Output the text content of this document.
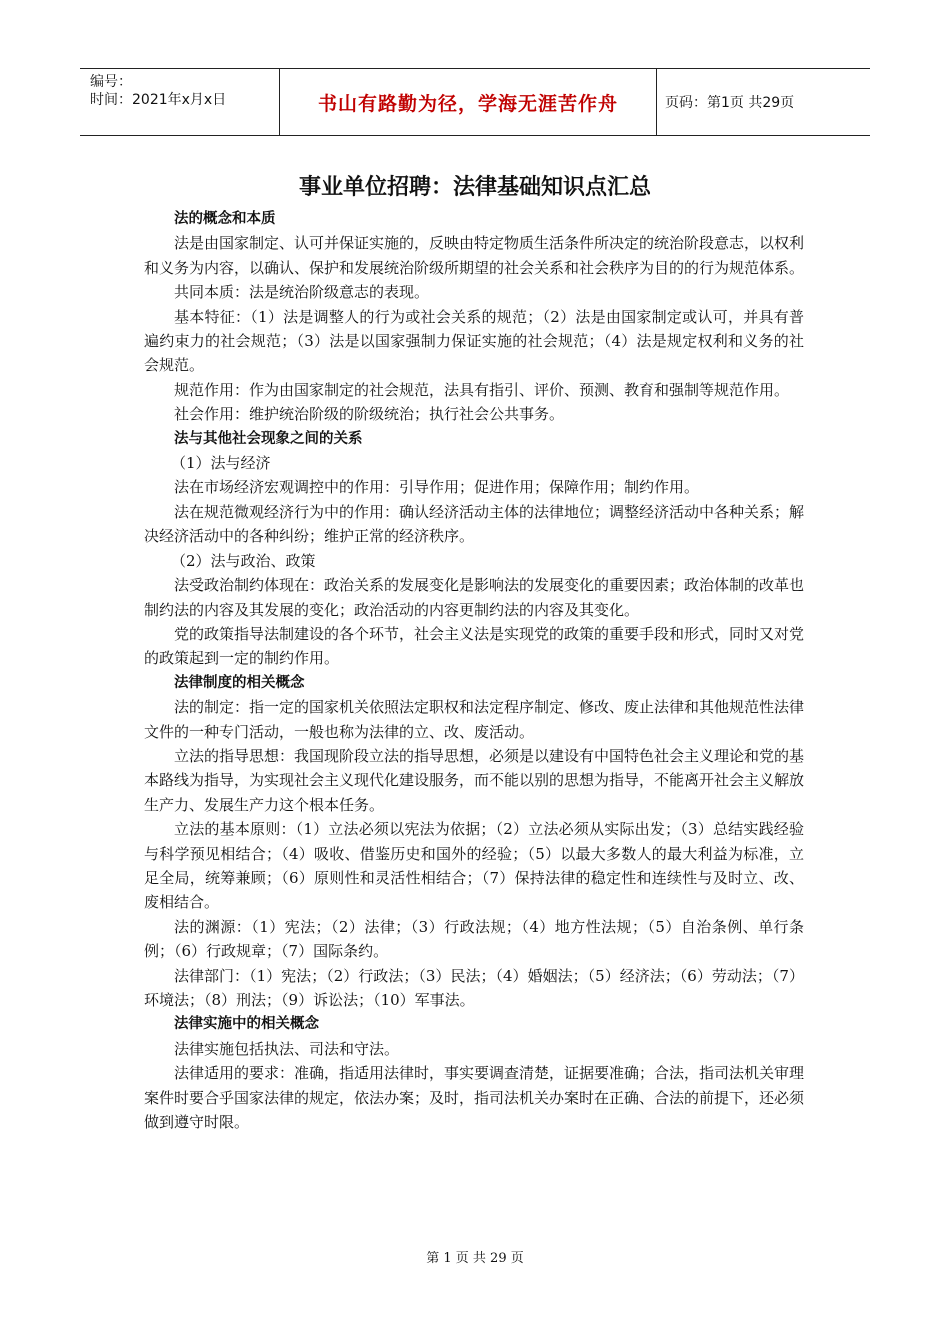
编号：
时间：2021年x月x日	书山有路勤为径，学海无涯苦作舟	页码：第1页 共29页
事业单位招聘：法律基础知识点汇总
法的概念和本质
法是由国家制定、认可并保证实施的，反映由特定物质生活条件所决定的统治阶段意志，以权利和义务为内容，以确认、保护和发展统治阶级所期望的社会关系和社会秩序为目的的行为规范体系。
共同本质：法是统治阶级意志的表现。
基本特征：（1）法是调整人的行为或社会关系的规范；（2）法是由国家制定或认可，并具有普遍约束力的社会规范；（3）法是以国家强制力保证实施的社会规范；（4）法是规定权利和义务的社会规范。
规范作用：作为由国家制定的社会规范，法具有指引、评价、预测、教育和强制等规范作用。
社会作用：维护统治阶级的阶级统治；执行社会公共事务。
法与其他社会现象之间的关系
（1）法与经济
法在市场经济宏观调控中的作用：引导作用；促进作用；保障作用；制约作用。
法在规范微观经济行为中的作用：确认经济活动主体的法律地位；调整经济活动中各种关系；解决经济活动中的各种纠纷；维护正常的经济秩序。
（2）法与政治、政策
法受政治制约体现在：政治关系的发展变化是影响法的发展变化的重要因素；政治体制的改革也制约法的内容及其发展的变化；政治活动的内容更制约法的内容及其变化。
党的政策指导法制建设的各个环节，社会主义法是实现党的政策的重要手段和形式，同时又对党的政策起到一定的制约作用。
法律制度的相关概念
法的制定：指一定的国家机关依照法定职权和法定程序制定、修改、废止法律和其他规范性法律文件的一种专门活动，一般也称为法律的立、改、废活动。
立法的指导思想：我国现阶段立法的指导思想，必须是以建设有中国特色社会主义理论和党的基本路线为指导，为实现社会主义现代化建设服务，而不能以别的思想为指导，不能离开社会主义解放生产力、发展生产力这个根本任务。
立法的基本原则：（1）立法必须以宪法为依据；（2）立法必须从实际出发；（3）总结实践经验与科学预见相结合；（4）吸收、借鉴历史和国外的经验；（5）以最大多数人的最大利益为标准，立足全局，统筹兼顾；（6）原则性和灵活性相结合；（7）保持法律的稳定性和连续性与及时立、改、废相结合。
法的渊源：（1）宪法；（2）法律；（3）行政法规；（4）地方性法规；（5）自治条例、单行条例；（6）行政规章；（7）国际条约。
法律部门：（1）宪法；（2）行政法；（3）民法；（4）婚姻法；（5）经济法；（6）劳动法；（7）环境法；（8）刑法；（9）诉讼法；（10）军事法。
法律实施中的相关概念
法律实施包括执法、司法和守法。
法律适用的要求：准确，指适用法律时，事实要调查清楚，证据要准确；合法，指司法机关审理案件时要合乎国家法律的规定，依法办案；及时，指司法机关办案时在正确、合法的前提下，还必须做到遵守时限。
第 1 页 共 29 页
